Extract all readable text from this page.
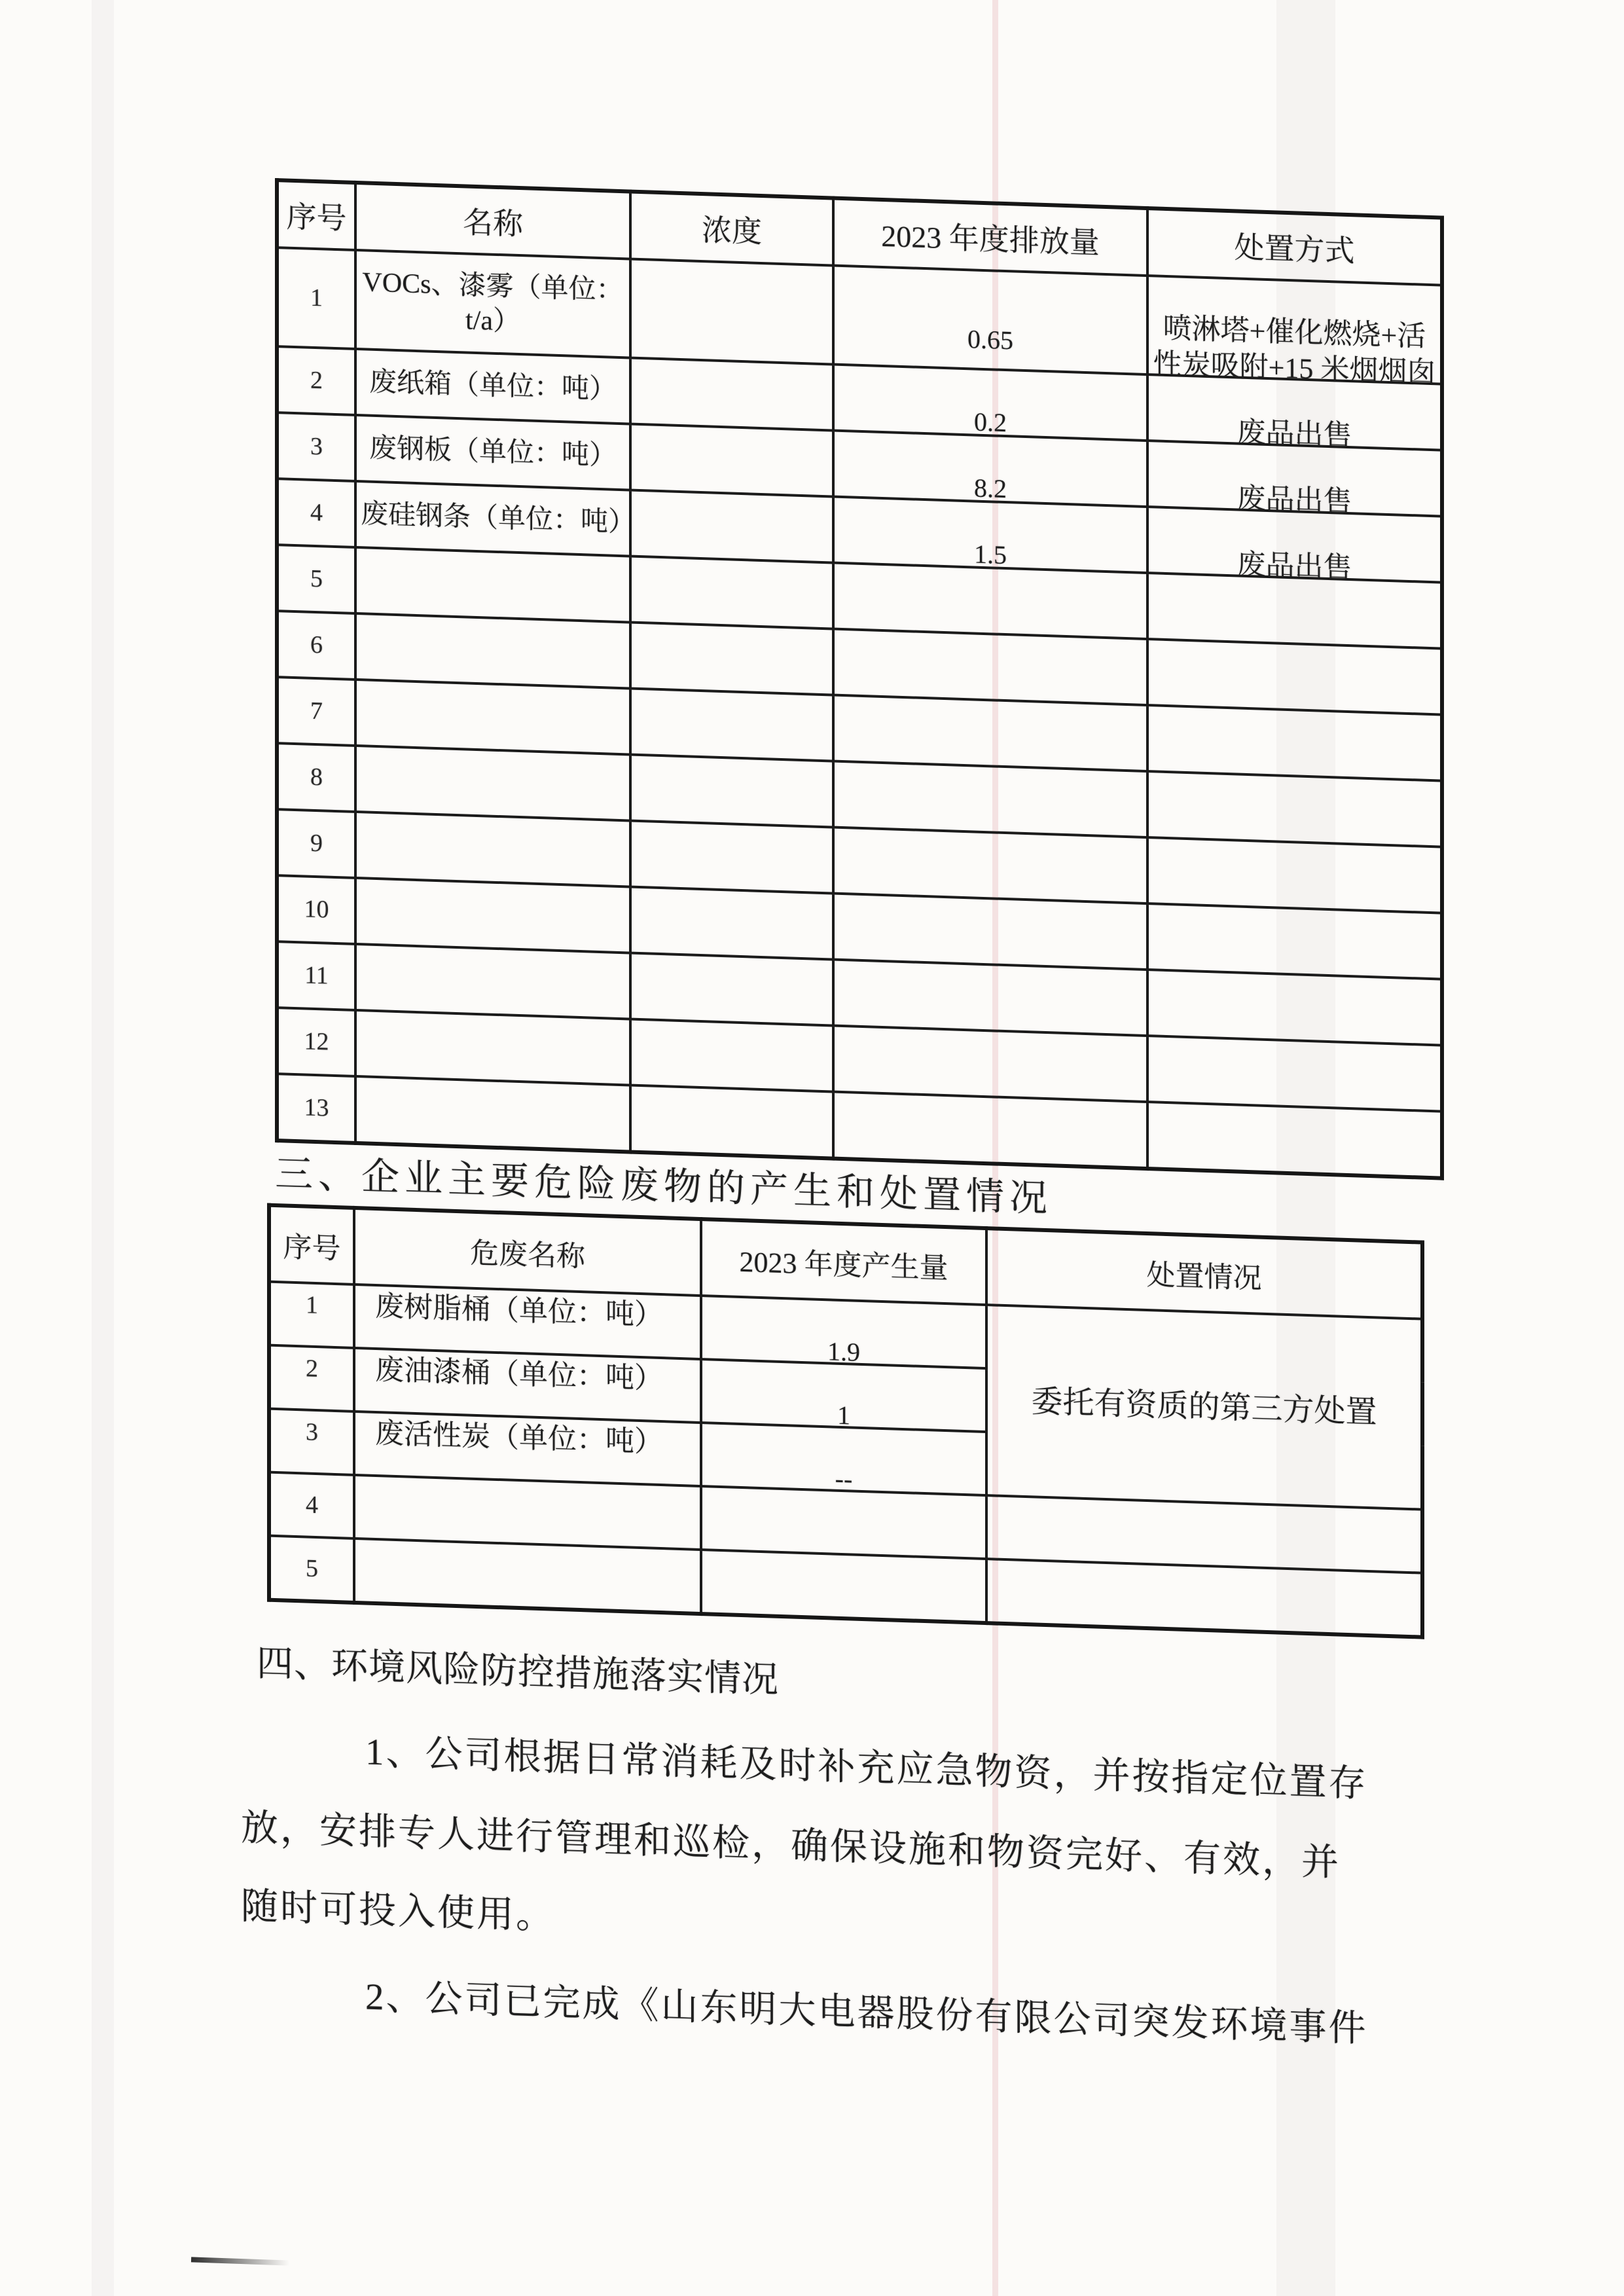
序号	名称	浓度	2023 年度排放量	处置方式
1	VOCs、漆雾（单位：t/a）		0.65	喷淋塔+催化燃烧+活性炭吸附+15 米烟烟囱
2	废纸箱（单位：吨）		0.2	废品出售
3	废钢板（单位：吨）		8.2	废品出售
4	废硅钢条（单位：吨）		1.5	废品出售
5				
6				
7				
8				
9				
10				
11				
12				
13				
三、企业主要危险废物的产生和处置情况
序号	危废名称	2023 年度产生量	处置情况
1	废树脂桶（单位：吨）	1.9	委托有资质的第三方处置
2	废油漆桶（单位：吨）	1	
3	废活性炭（单位：吨）	--	
4			
5			
四、环境风险防控措施落实情况
1、公司根据日常消耗及时补充应急物资，并按指定位置存
放，安排专人进行管理和巡检，确保设施和物资完好、有效，并
随时可投入使用。
2、公司已完成《山东明大电器股份有限公司突发环境事件
